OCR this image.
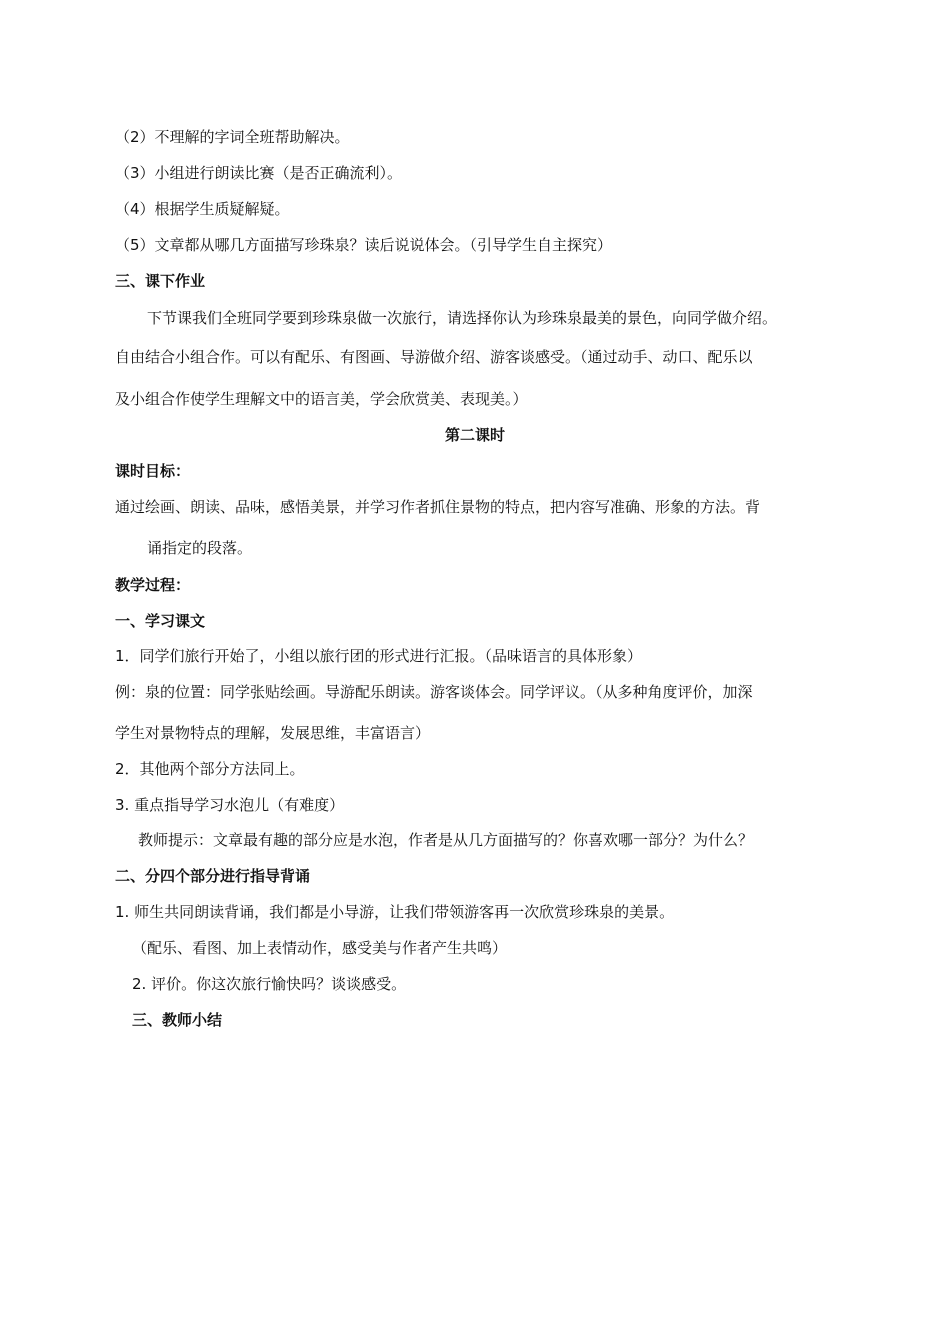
（2）不理解的字词全班帮助解决。
（3）小组进行朗读比赛（是否正确流利）。
（4）根据学生质疑解疑。
（5）文章都从哪几方面描写珍珠泉？读后说说体会。（引导学生自主探究）
三、课下作业
下节课我们全班同学要到珍珠泉做一次旅行，请选择你认为珍珠泉最美的景色，向同学做介绍。
自由结合小组合作。可以有配乐、有图画、导游做介绍、游客谈感受。（通过动手、动口、配乐以
及小组合作使学生理解文中的语言美，学会欣赏美、表现美。）
第二课时
课时目标：
通过绘画、朗读、品味，感悟美景，并学习作者抓住景物的特点，把内容写准确、形象的方法。背
诵指定的段落。
教学过程：
一、学习课文
1．同学们旅行开始了，小组以旅行团的形式进行汇报。（品味语言的具体形象）
例：泉的位置：同学张贴绘画。导游配乐朗读。游客谈体会。同学评议。（从多种角度评价，加深
学生对景物特点的理解，发展思维，丰富语言）
2．其他两个部分方法同上。
3. 重点指导学习水泡儿（有难度）
教师提示：文章最有趣的部分应是水泡，作者是从几方面描写的？你喜欢哪一部分？为什么？
二、分四个部分进行指导背诵
1. 师生共同朗读背诵，我们都是小导游，让我们带领游客再一次欣赏珍珠泉的美景。
（配乐、看图、加上表情动作，感受美与作者产生共鸣）
2. 评价。你这次旅行愉快吗？谈谈感受。
三、教师小结
